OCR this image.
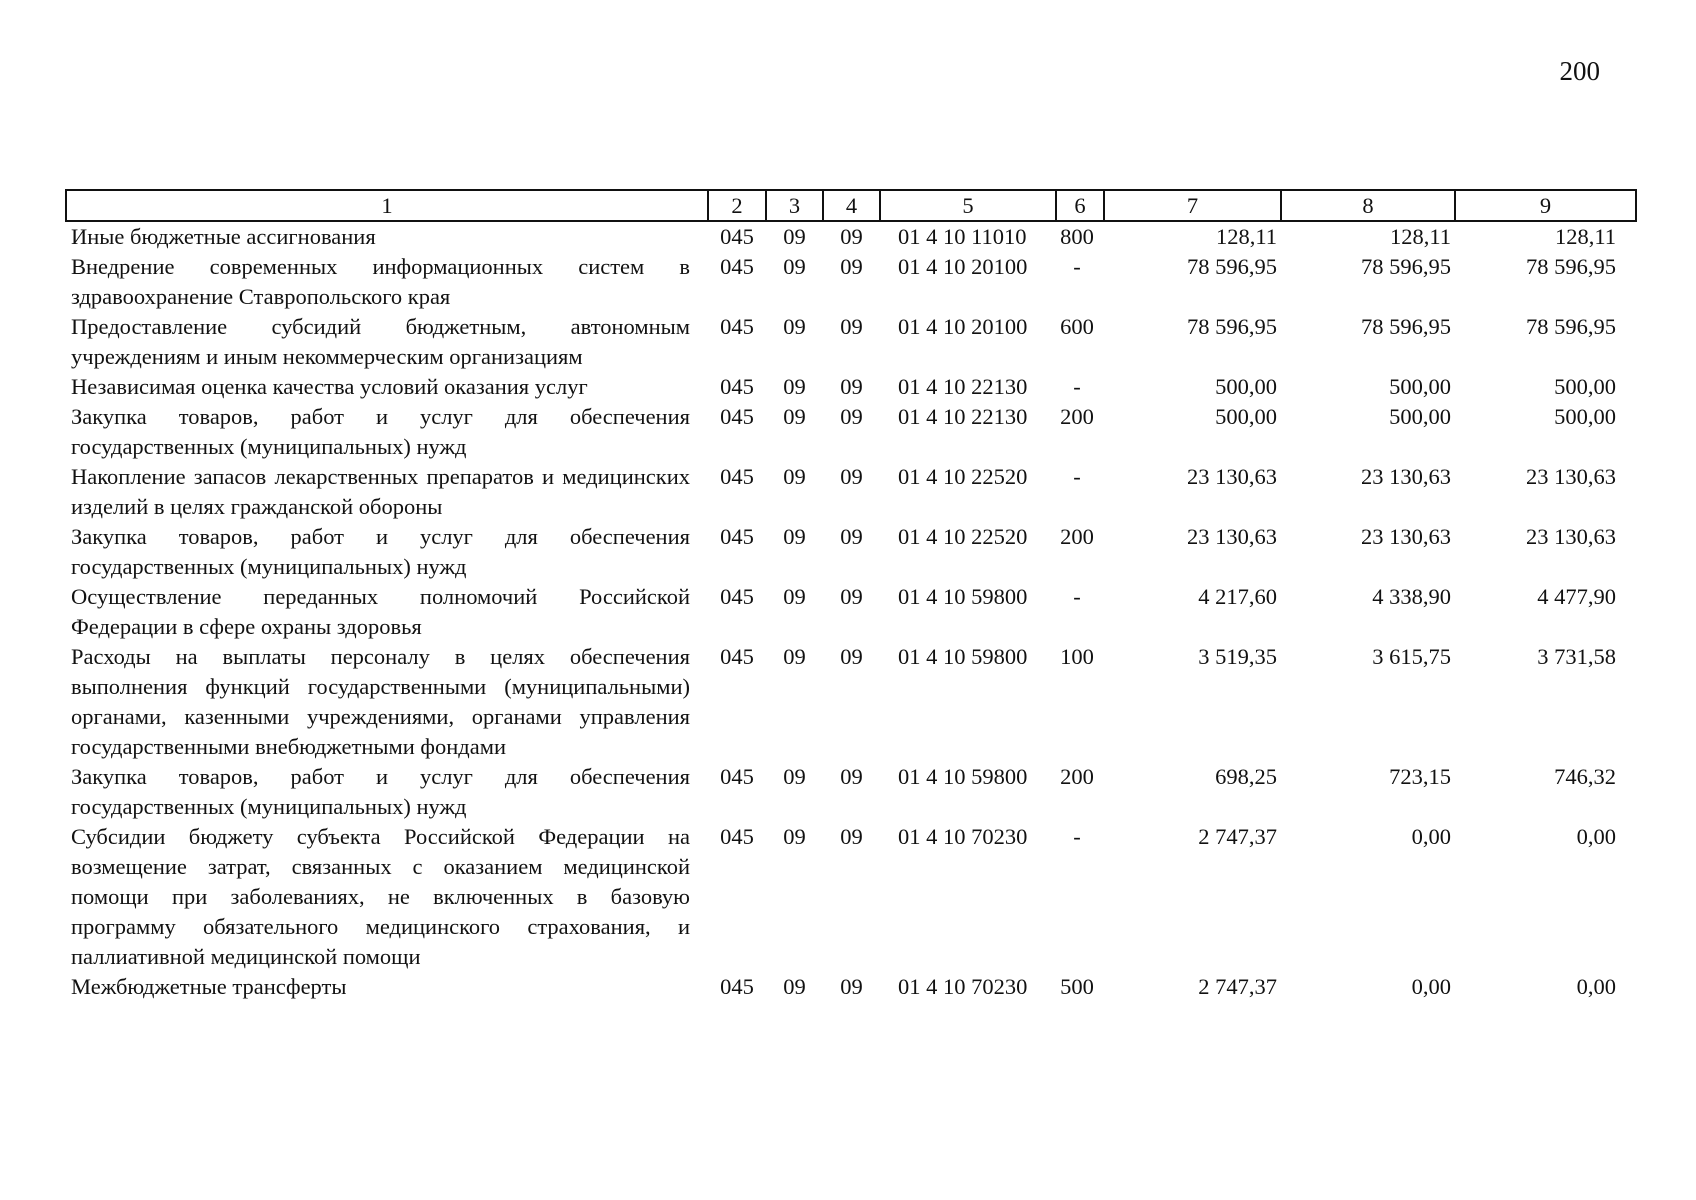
200
1	2	3	4	5	6	7	8	9
Иные бюджетные ассигнования	045	09	09	01 4 10 11010	800	128,11	128,11	128,11
Внедрение современных информационных систем в здравоохранение Ставропольского края	045	09	09	01 4 10 20100	-	78 596,95	78 596,95	78 596,95
Предоставление субсидий бюджетным, автономным учреждениям и иным некоммерческим организациям	045	09	09	01 4 10 20100	600	78 596,95	78 596,95	78 596,95
Независимая оценка качества условий оказания услуг	045	09	09	01 4 10 22130	-	500,00	500,00	500,00
Закупка товаров, работ и услуг для обеспечения государственных (муниципальных) нужд	045	09	09	01 4 10 22130	200	500,00	500,00	500,00
Накопление запасов лекарственных препаратов и медицинских изделий в целях гражданской обороны	045	09	09	01 4 10 22520	-	23 130,63	23 130,63	23 130,63
Закупка товаров, работ и услуг для обеспечения государственных (муниципальных) нужд	045	09	09	01 4 10 22520	200	23 130,63	23 130,63	23 130,63
Осуществление переданных полномочий Российской Федерации в сфере охраны здоровья	045	09	09	01 4 10 59800	-	4 217,60	4 338,90	4 477,90
Расходы на выплаты персоналу в целях обеспечения выполнения функций государственными (муниципальными) органами, казенными учреждениями, органами управления государственными внебюджетными фондами	045	09	09	01 4 10 59800	100	3 519,35	3 615,75	3 731,58
Закупка товаров, работ и услуг для обеспечения государственных (муниципальных) нужд	045	09	09	01 4 10 59800	200	698,25	723,15	746,32
Субсидии бюджету субъекта Российской Федерации на возмещение затрат, связанных с оказанием медицинской помощи при заболеваниях, не включенных в базовую программу обязательного медицинского страхования, и паллиативной медицинской помощи	045	09	09	01 4 10 70230	-	2 747,37	0,00	0,00
Межбюджетные трансферты	045	09	09	01 4 10 70230	500	2 747,37	0,00	0,00
